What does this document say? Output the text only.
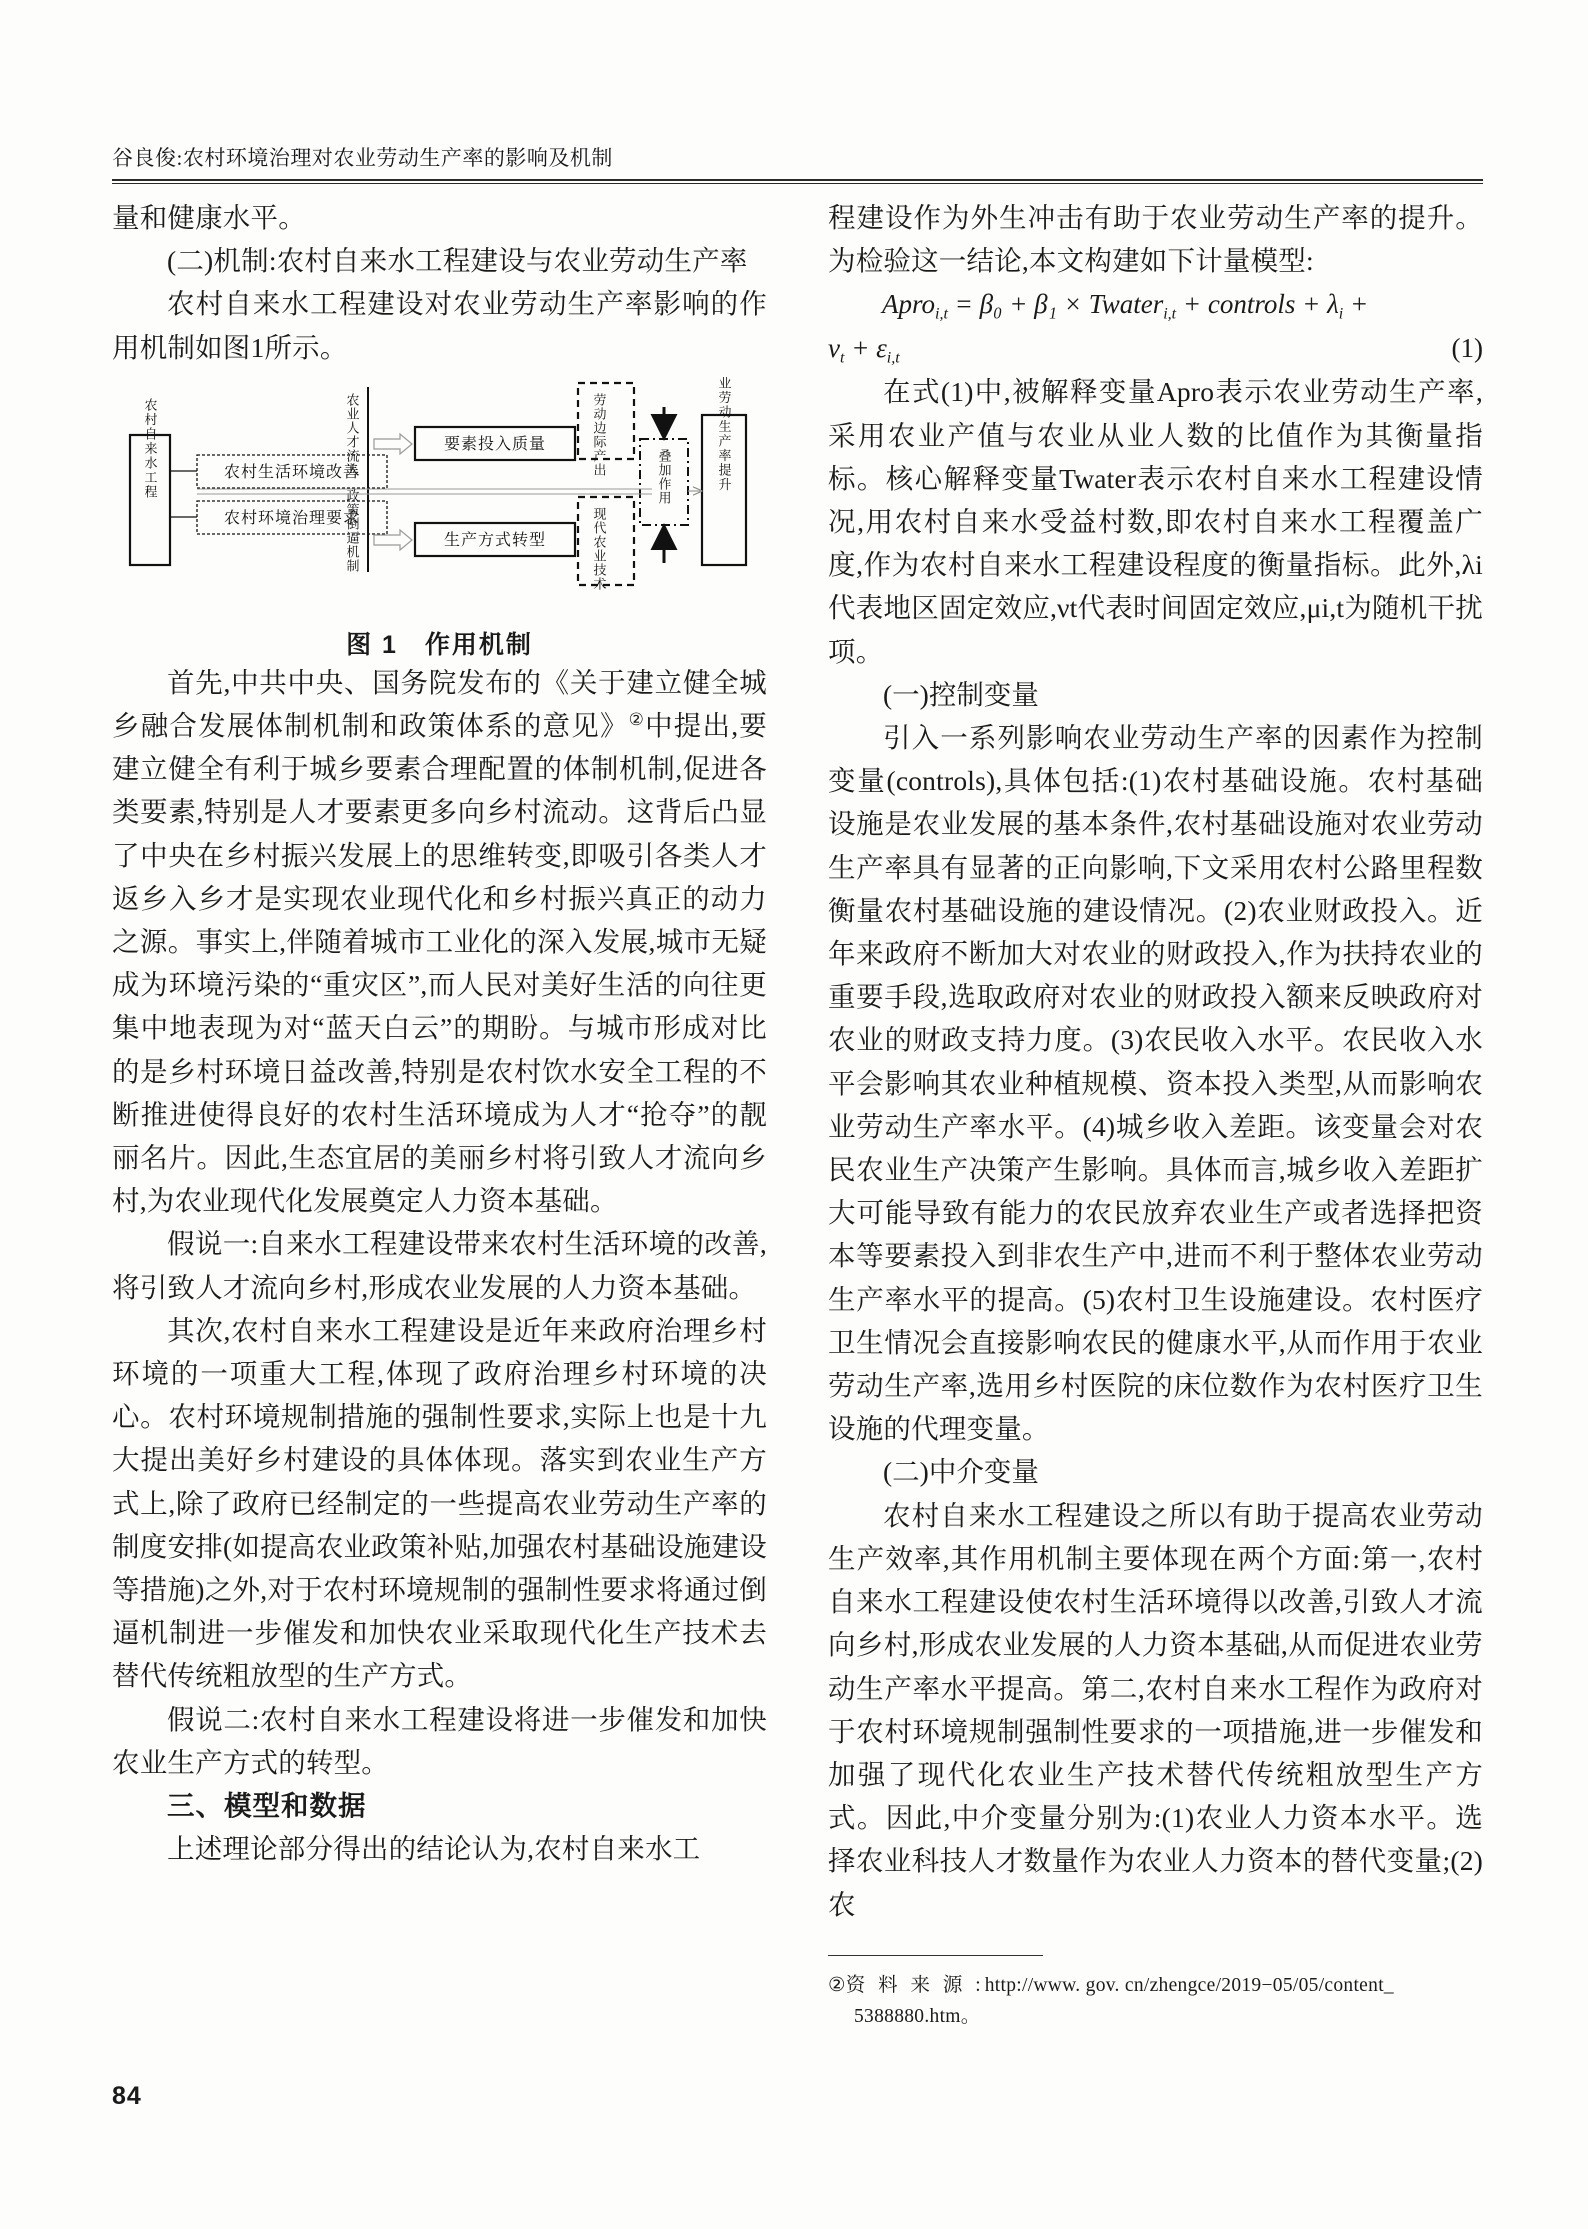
谷良俊:农村环境治理对农业劳动生产率的影响及机制

量和健康水平。

(二)机制:农村自来水工程建设与农业劳动生产率

农村自来水工程建设对农业劳动生产率影响的作用机制如图1所示。

农村自来水工程	农村生活环境改善
农村环境治理要求
农业人才流入
政策倒逼机制
要素投入质量
生产方式转型
劳动边际产出
现代农业技术
叠加作用	农业劳动生产率提升
图 1　作用机制

首先,中共中央、国务院发布的《关于建立健全城乡融合发展体制机制和政策体系的意见》②中提出,要建立健全有利于城乡要素合理配置的体制机制,促进各类要素,特别是人才要素更多向乡村流动。这背后凸显了中央在乡村振兴发展上的思维转变,即吸引各类人才返乡入乡才是实现农业现代化和乡村振兴真正的动力之源。事实上,伴随着城市工业化的深入发展,城市无疑成为环境污染的“重灾区”,而人民对美好生活的向往更集中地表现为对“蓝天白云”的期盼。与城市形成对比的是乡村环境日益改善,特别是农村饮水安全工程的不断推进使得良好的农村生活环境成为人才“抢夺”的靓丽名片。因此,生态宜居的美丽乡村将引致人才流向乡村,为农业现代化发展奠定人力资本基础。

假说一:自来水工程建设带来农村生活环境的改善,将引致人才流向乡村,形成农业发展的人力资本基础。

其次,农村自来水工程建设是近年来政府治理乡村环境的一项重大工程,体现了政府治理乡村环境的决心。农村环境规制措施的强制性要求,实际上也是十九大提出美好乡村建设的具体体现。落实到农业生产方式上,除了政府已经制定的一些提高农业劳动生产率的制度安排(如提高农业政策补贴,加强农村基础设施建设等措施)之外,对于农村环境规制的强制性要求将通过倒逼机制进一步催发和加快农业采取现代化生产技术去替代传统粗放型的生产方式。

假说二:农村自来水工程建设将进一步催发和加快农业生产方式的转型。

三、模型和数据

上述理论部分得出的结论认为,农村自来水工

程建设作为外生冲击有助于农业劳动生产率的提升。为检验这一结论,本文构建如下计量模型:

Apro$_{i,t}$ = β₀ + β₁ × Twater$_{i,t}$ + controls + $\lambda_i$ +
$\nu_t + \varepsilon_{i,t}$	(1)

在式(1)中,被解释变量Apro表示农业劳动生产率,采用农业产值与农业从业人数的比值作为其衡量指标。核心解释变量Twater表示农村自来水工程建设情况,用农村自来水受益村数,即农村自来水工程覆盖广度,作为农村自来水工程建设程度的衡量指标。此外,λi代表地区固定效应,νt代表时间固定效应,μi,t为随机干扰项。

(一)控制变量

引入一系列影响农业劳动生产率的因素作为控制变量(controls),具体包括:(1)农村基础设施。农村基础设施是农业发展的基本条件,农村基础设施对农业劳动生产率具有显著的正向影响,下文采用农村公路里程数衡量农村基础设施的建设情况。(2)农业财政投入。近年来政府不断加大对农业的财政投入,作为扶持农业的重要手段,选取政府对农业的财政投入额来反映政府对农业的财政支持力度。(3)农民收入水平。农民收入水平会影响其农业种植规模、资本投入类型,从而影响农业劳动生产率水平。(4)城乡收入差距。该变量会对农民农业生产决策产生影响。具体而言,城乡收入差距扩大可能导致有能力的农民放弃农业生产或者选择把资本等要素投入到非农生产中,进而不利于整体农业劳动生产率水平的提高。(5)农村卫生设施建设。农村医疗卫生情况会直接影响农民的健康水平,从而作用于农业劳动生产率,选用乡村医院的床位数作为农村医疗卫生设施的代理变量。

(二)中介变量

农村自来水工程建设之所以有助于提高农业劳动生产效率,其作用机制主要体现在两个方面:第一,农村自来水工程建设使农村生活环境得以改善,引致人才流向乡村,形成农业发展的人力资本基础,从而促进农业劳动生产率水平提高。第二,农村自来水工程作为政府对于农村环境规制强制性要求的一项措施,进一步催发和加强了现代化农业生产技术替代传统粗放型生产方式。因此,中介变量分别为:(1)农业人力资本水平。选择农业科技人才数量作为农业人力资本的替代变量;(2)农

②资 料 来 源 :http://www. gov. cn/zhengce/2019−05/05/content_
5388880.htm。
84
